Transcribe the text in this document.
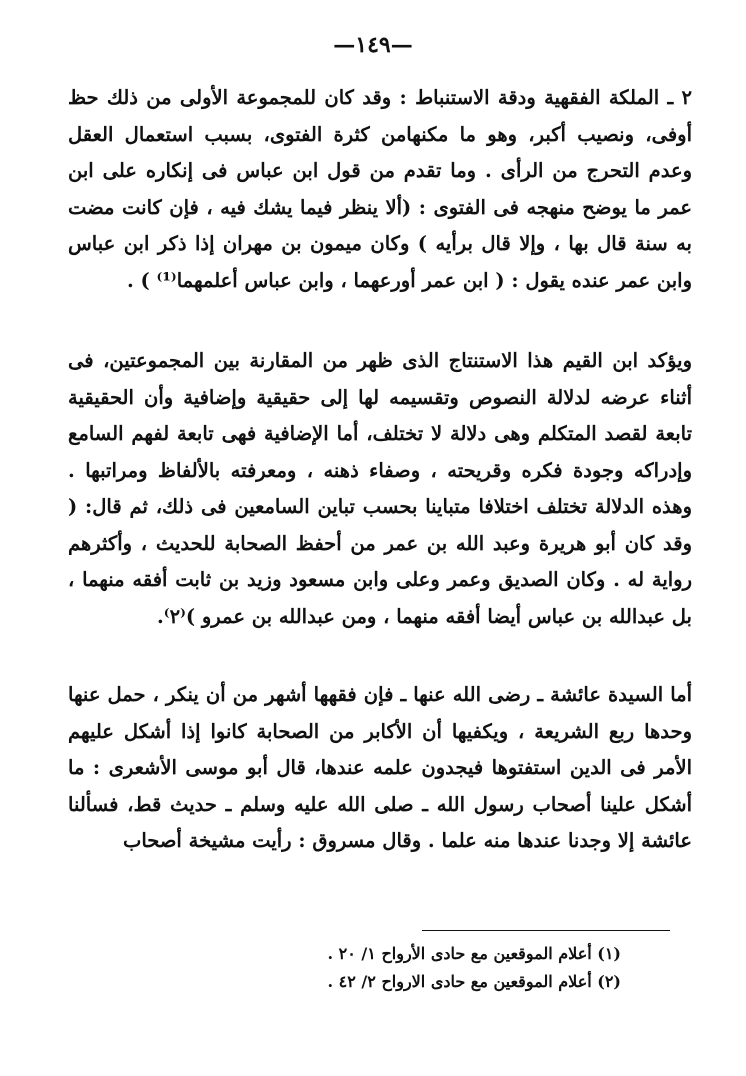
—١٤٩—

٢ ـ الملكة الفقهية ودقة الاستنباط : وقد كان للمجموعة الأولى من ذلك حظ أوفى، ونصيب أكبر، وهو ما مكنهامن كثرة الفتوى، بسبب استعمال العقل وعدم التحرج من الرأى . وما تقدم من قول ابن عباس فى إنكاره على ابن عمر ما يوضح منهجه فى الفتوى : (ألا ينظر فيما يشك فيه ، فإن كانت مضت به سنة قال بها ، وإلا قال برأيه ) وكان ميمون بن مهران إذا ذكر ابن عباس وابن عمر عنده يقول : ( ابن عمر أورعهما ، وابن عباس أعلمهما⁽¹⁾ ) .

ويؤكد ابن القيم هذا الاستنتاج الذى ظهر من المقارنة بين المجموعتين، فى أثناء عرضه لدلالة النصوص وتقسيمه لها إلى حقيقية وإضافية وأن الحقيقية تابعة لقصد المتكلم وهى دلالة لا تختلف، أما الإضافية فهى تابعة لفهم السامع وإدراكه وجودة فكره وقريحته ، وصفاء ذهنه ، ومعرفته بالألفاظ ومراتبها . وهذه الدلالة تختلف اختلافا متباينا بحسب تباين السامعين فى ذلك، ثم قال: ( وقد كان أبو هريرة وعبد الله بن عمر من أحفظ الصحابة للحديث ، وأكثرهم رواية له . وكان الصديق وعمر وعلى وابن مسعود وزيد بن ثابت أفقه منهما ، بل عبدالله بن عباس أيضا أفقه منهما ، ومن عبدالله بن عمرو )⁽٢⁾.

أما السيدة عائشة ـ رضى الله عنها ـ فإن فقهها أشهر من أن ينكر ، حمل عنها وحدها ربع الشريعة ، ويكفيها أن الأكابر من الصحابة كانوا إذا أشكل عليهم الأمر فى الدين استفتوها فيجدون علمه عندها، قال أبو موسى الأشعرى : ما أشكل علينا أصحاب رسول الله ـ صلى الله عليه وسلم ـ حديث قط، فسألنا عائشة إلا وجدنا عندها منه علما . وقال مسروق : رأيت مشيخة أصحاب

(١) أعلام الموقعين مع حادى الأرواح ١/ ٢٠ .

(٢) أعلام الموقعين مع حادى الارواح ٢/ ٤٢ .
